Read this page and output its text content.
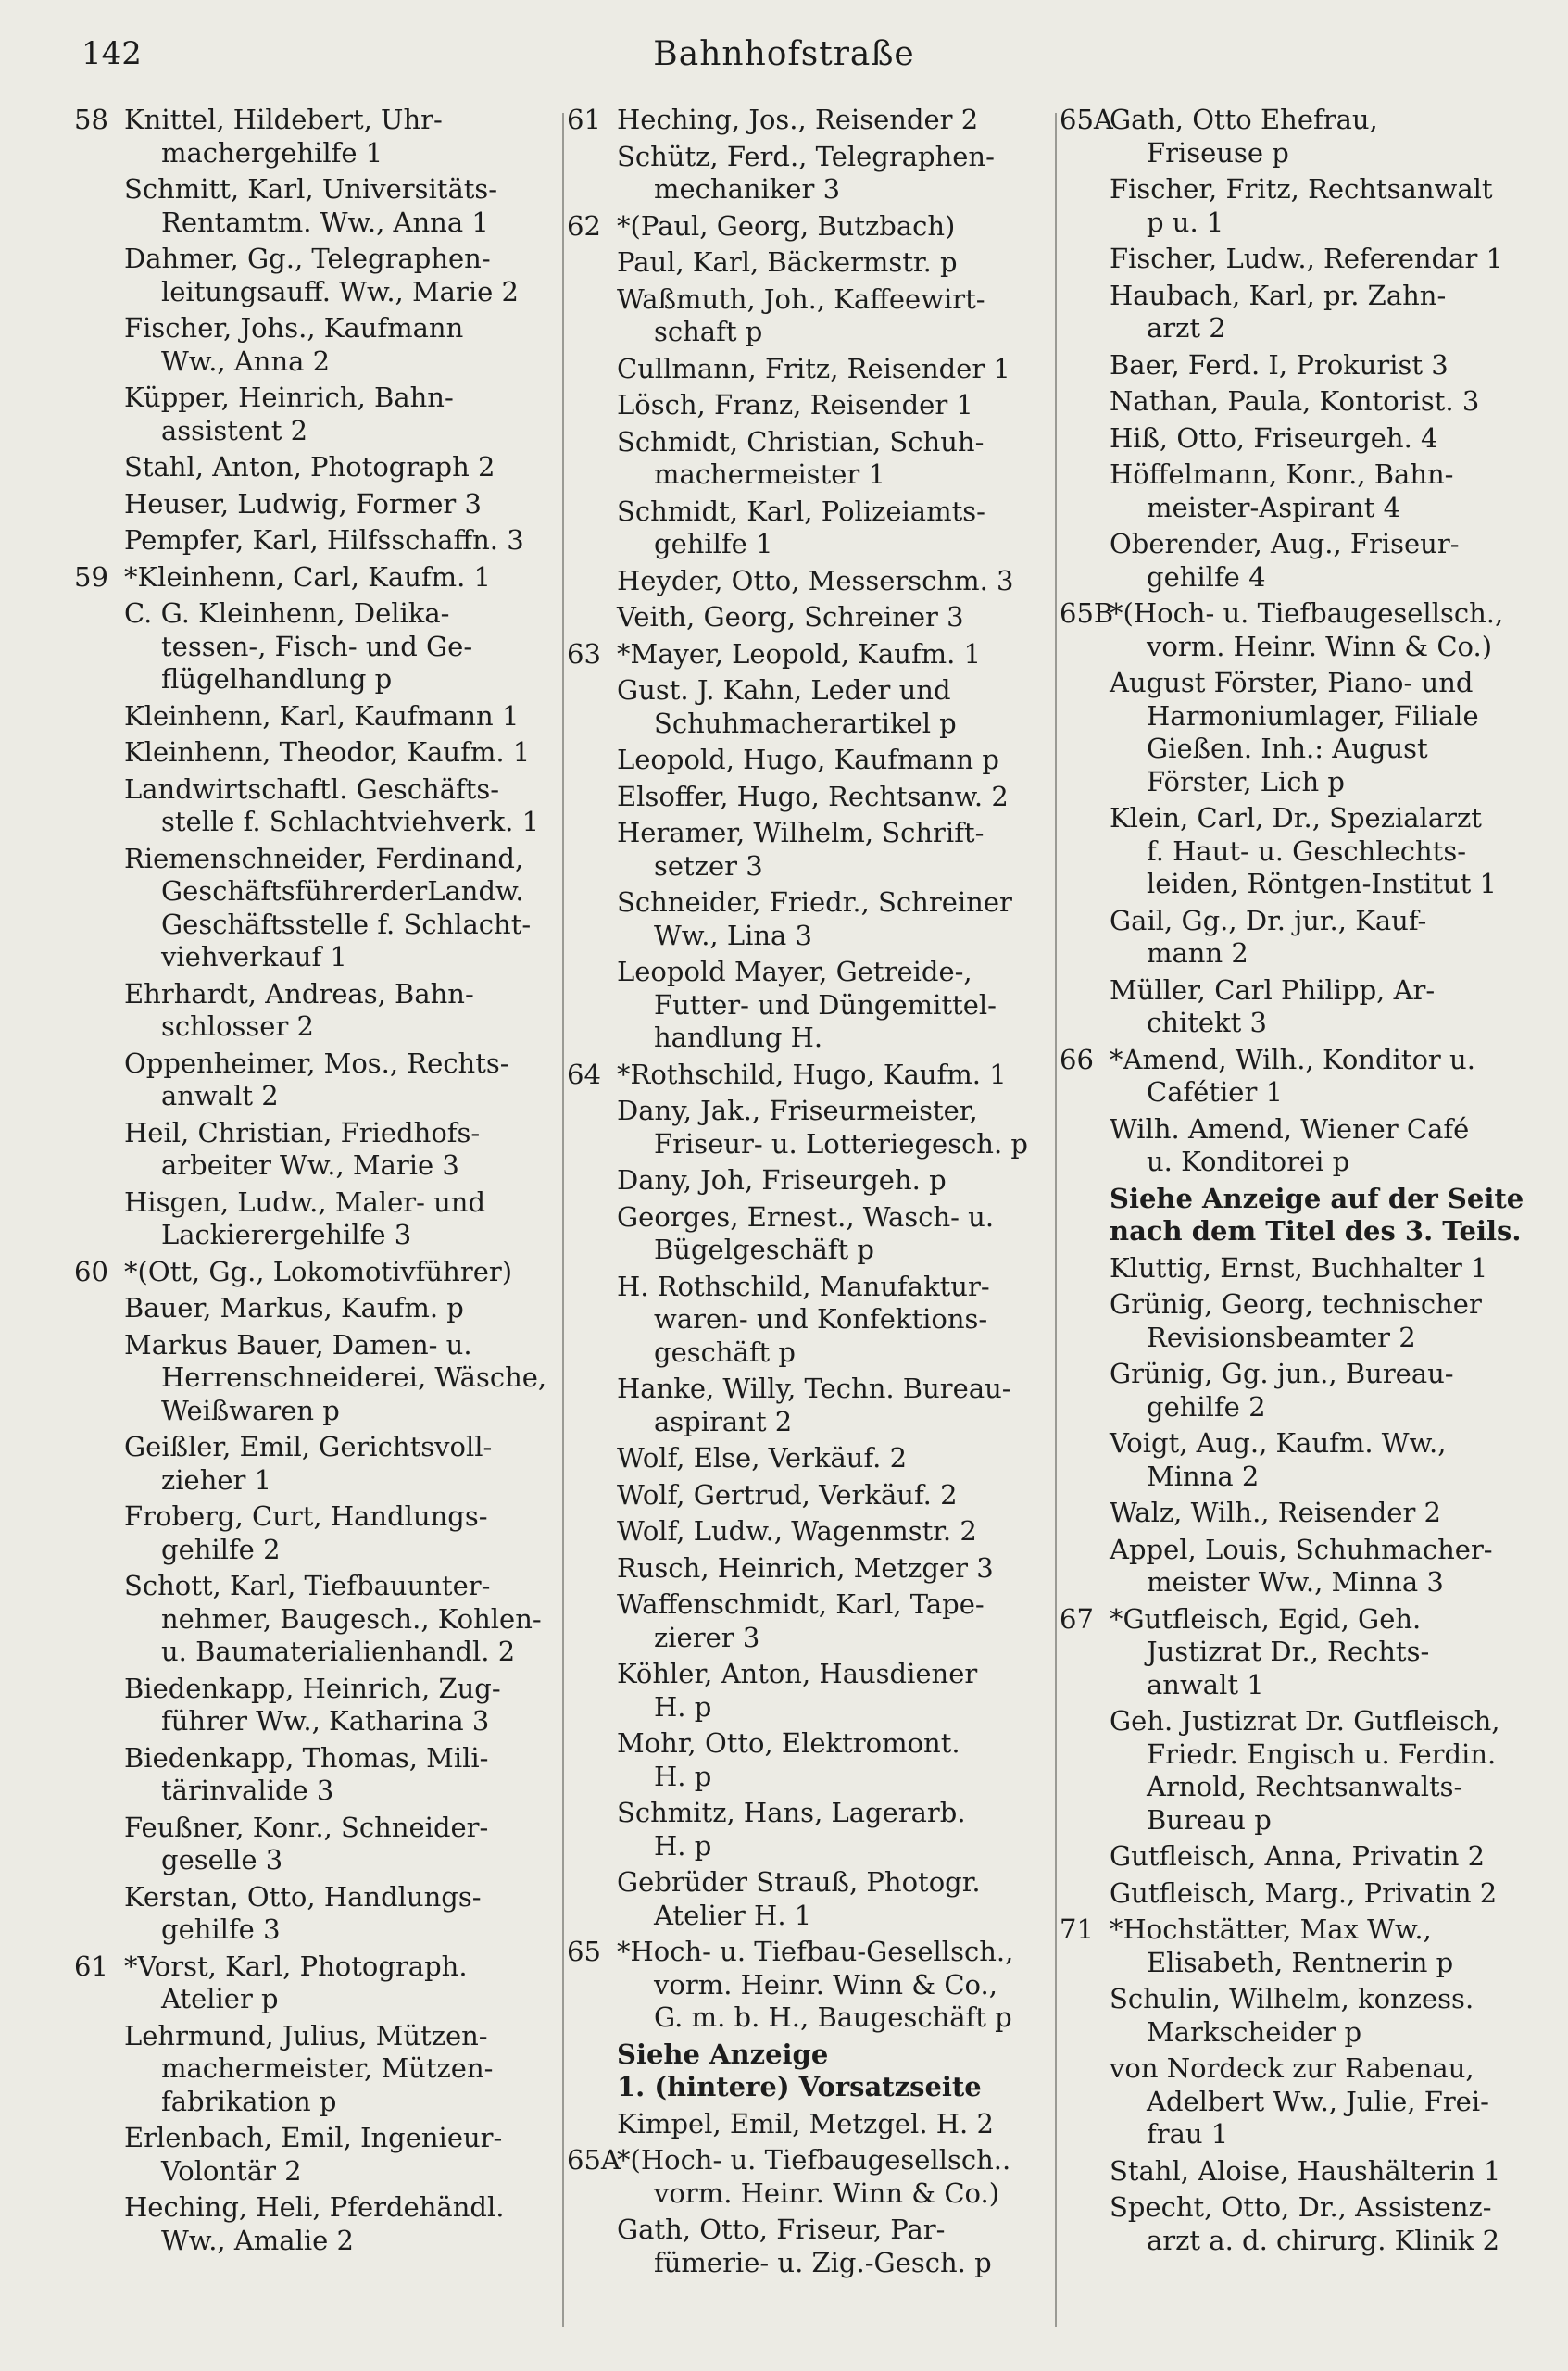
142	Bahnhofstraße
58 Knittel, Hildebert, Uhr-
machergehilfe 1
Schmitt, Karl, Universitäts-
Rentamtm. Ww., Anna 1
Dahmer, Gg., Telegraphen-
leitungsauff. Ww., Marie 2
Fischer, Johs., Kaufmann
Ww., Anna 2
Küpper, Heinrich, Bahn-
assistent 2
Stahl, Anton, Photograph 2
Heuser, Ludwig, Former 3
Pempfer, Karl, Hilfsschaffn. 3
59 *Kleinhenn, Carl, Kaufm. 1
C. G. Kleinhenn, Delika-
tessen-, Fisch- und Ge-
flügelhandlung p
Kleinhenn, Karl, Kaufmann 1
Kleinhenn, Theodor, Kaufm. 1
Landwirtschaftl. Geschäfts-
stelle f. Schlachtviehverk. 1
Riemenschneider, Ferdinand,
GeschäftsführerderLandw.
Geschäftsstelle f. Schlacht-
viehverkauf 1
Ehrhardt, Andreas, Bahn-
schlosser 2
Oppenheimer, Mos., Rechts-
anwalt 2
Heil, Christian, Friedhofs-
arbeiter Ww., Marie 3
Hisgen, Ludw., Maler- und
Lackierergehilfe 3
60 *(Ott, Gg., Lokomotivführer)
Bauer, Markus, Kaufm. p
Markus Bauer, Damen- u.
Herrenschneiderei, Wäsche,
Weißwaren p
Geißler, Emil, Gerichtsvoll-
zieher 1
Froberg, Curt, Handlungs-
gehilfe 2
Schott, Karl, Tiefbauunter-
nehmer, Baugesch., Kohlen-
u. Baumaterialienhandl. 2
Biedenkapp, Heinrich, Zug-
führer Ww., Katharina 3
Biedenkapp, Thomas, Mili-
tärinvalide 3
Feußner, Konr., Schneider-
geselle 3
Kerstan, Otto, Handlungs-
gehilfe 3
61 *Vorst, Karl, Photograph.
Atelier p
Lehrmund, Julius, Mützen-
machermeister, Mützen-
fabrikation p
Erlenbach, Emil, Ingenieur-
Volontär 2
Heching, Heli, Pferdehändl.
Ww., Amalie 2
61 Heching, Jos., Reisender 2
Schütz, Ferd., Telegraphen-
mechaniker 3
62 *(Paul, Georg, Butzbach)
Paul, Karl, Bäckermstr. p
Waßmuth, Joh., Kaffeewirt-
schaft p
Cullmann, Fritz, Reisender 1
Lösch, Franz, Reisender 1
Schmidt, Christian, Schuh-
machermeister 1
Schmidt, Karl, Polizeiamts-
gehilfe 1
Heyder, Otto, Messerschm. 3
Veith, Georg, Schreiner 3
63 *Mayer, Leopold, Kaufm. 1
Gust. J. Kahn, Leder und
Schuhmacherartikel p
Leopold, Hugo, Kaufmann p
Elsoffer, Hugo, Rechtsanw. 2
Heramer, Wilhelm, Schrift-
setzer 3
Schneider, Friedr., Schreiner
Ww., Lina 3
Leopold Mayer, Getreide-,
Futter- und Düngemittel-
handlung H.
64 *Rothschild, Hugo, Kaufm. 1
Dany, Jak., Friseurmeister,
Friseur- u. Lotteriegesch. p
Dany, Joh, Friseurgeh. p
Georges, Ernest., Wasch- u.
Bügelgeschäft p
H. Rothschild, Manufaktur-
waren- und Konfektions-
geschäft p
Hanke, Willy, Techn. Bureau-
aspirant 2
Wolf, Else, Verkäuf. 2
Wolf, Gertrud, Verkäuf. 2
Wolf, Ludw., Wagenmstr. 2
Rusch, Heinrich, Metzger 3
Waffenschmidt, Karl, Tape-
zierer 3
Köhler, Anton, Hausdiener
H. p
Mohr, Otto, Elektromont.
H. p
Schmitz, Hans, Lagerarb.
H. p
Gebrüder Strauß, Photogr.
Atelier H. 1
65 *Hoch- u. Tiefbau-Gesellsch.,
vorm. Heinr. Winn & Co.,
G. m. b. H., Baugeschäft p
Siehe Anzeige
1. (hintere) Vorsatzseite
Kimpel, Emil, Metzgel. H. 2
65A
*(Hoch- u. Tiefbaugesellsch..
vorm. Heinr. Winn & Co.)
Gath, Otto, Friseur, Par-
fümerie- u. Zig.-Gesch. p
65A
Gath, Otto Ehefrau,
Friseuse p
Fischer, Fritz, Rechtsanwalt
p u. 1
Fischer, Ludw., Referendar 1
Haubach, Karl, pr. Zahn-
arzt 2
Baer, Ferd. I, Prokurist 3
Nathan, Paula, Kontorist. 3
Hiß, Otto, Friseurgeh. 4
Höffelmann, Konr., Bahn-
meister-Aspirant 4
Oberender, Aug., Friseur-
gehilfe 4
65B
*(Hoch- u. Tiefbaugesellsch.,
vorm. Heinr. Winn & Co.)
August Förster, Piano- und
Harmoniumlager, Filiale
Gießen. Inh.: August
Förster, Lich p
Klein, Carl, Dr., Spezialarzt
f. Haut- u. Geschlechts-
leiden, Röntgen-Institut 1
Gail, Gg., Dr. jur., Kauf-
mann 2
Müller, Carl Philipp, Ar-
chitekt 3
66 *Amend, Wilh., Konditor u.
Cafétier 1
Wilh. Amend, Wiener Café
u. Konditorei p
Siehe Anzeige auf der Seite
nach dem Titel des 3. Teils.
Kluttig, Ernst, Buchhalter 1
Grünig, Georg, technischer
Revisionsbeamter 2
Grünig, Gg. jun., Bureau-
gehilfe 2
Voigt, Aug., Kaufm. Ww.,
Minna 2
Walz, Wilh., Reisender 2
Appel, Louis, Schuhmacher-
meister Ww., Minna 3
67 *Gutfleisch, Egid, Geh.
Justizrat Dr., Rechts-
anwalt 1
Geh. Justizrat Dr. Gutfleisch,
Friedr. Engisch u. Ferdin.
Arnold, Rechtsanwalts-
Bureau p
Gutfleisch, Anna, Privatin 2
Gutfleisch, Marg., Privatin 2
71 *Hochstätter, Max Ww.,
Elisabeth, Rentnerin p
Schulin, Wilhelm, konzess.
Markscheider p
von Nordeck zur Rabenau,
Adelbert Ww., Julie, Frei-
frau 1
Stahl, Aloise, Haushälterin 1
Specht, Otto, Dr., Assistenz-
arzt a. d. chirurg. Klinik 2
